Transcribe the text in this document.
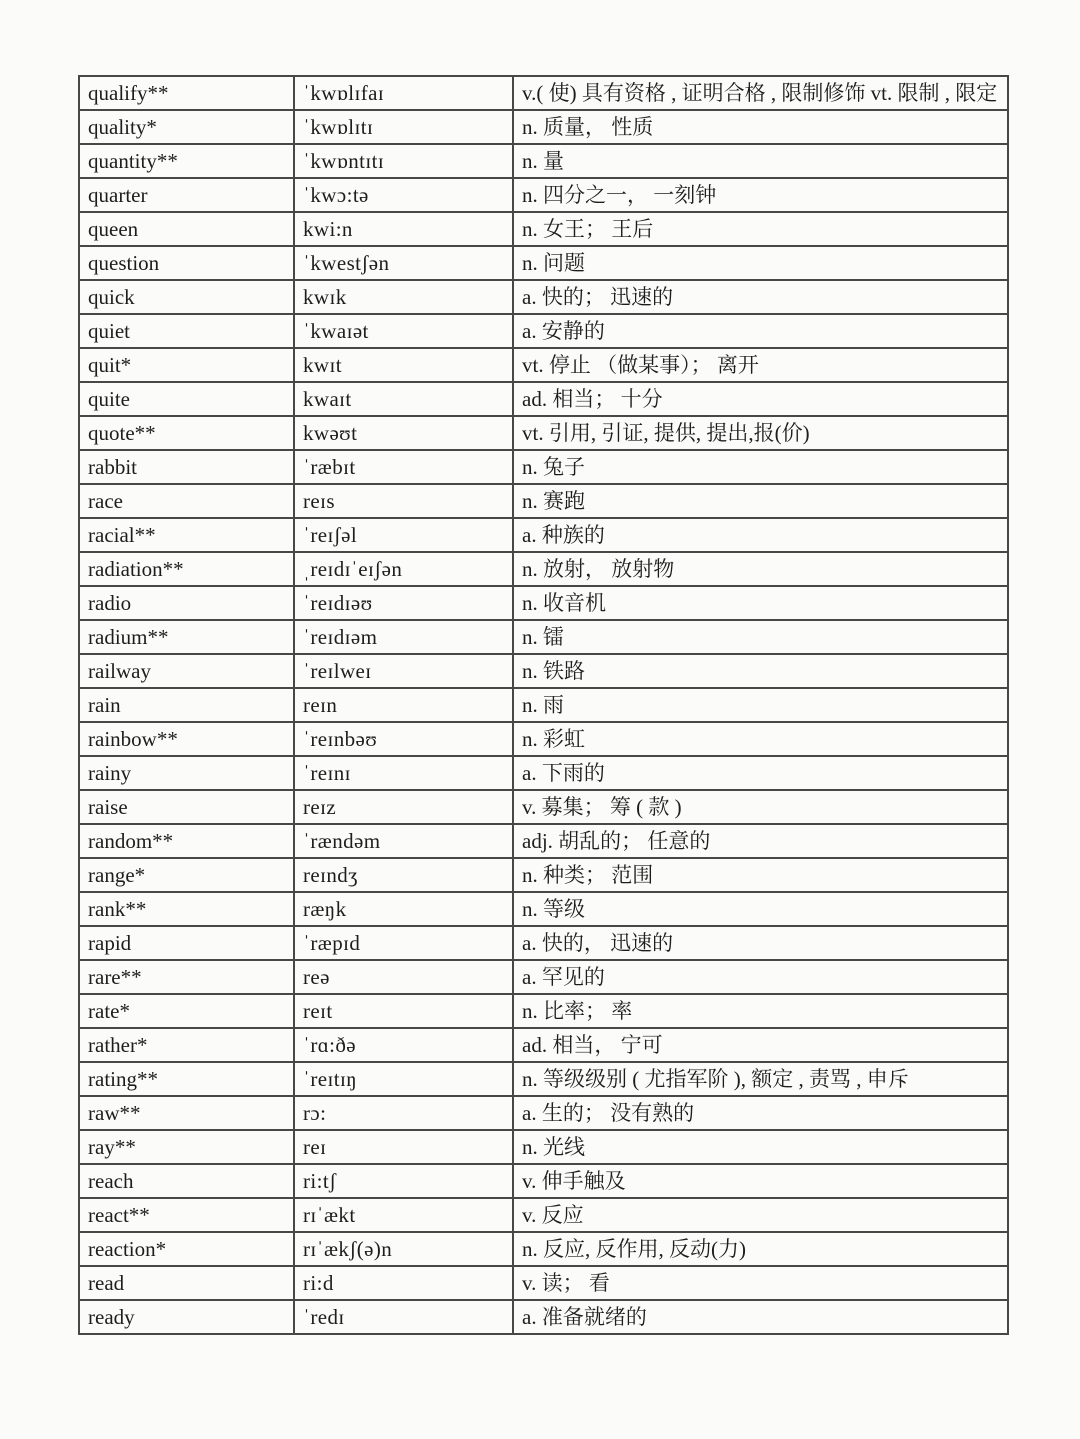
qualify**	ˈkwɒlɪfaɪ	v.( 使) 具有资格 , 证明合格 , 限制修饰 vt. 限制 , 限定
quality*	ˈkwɒlɪtɪ	n. 质量， 性质
quantity**	ˈkwɒntɪtɪ	n. 量
quarter	ˈkwɔ:tə	n. 四分之一， 一刻钟
queen	kwi:n	n. 女王； 王后
question	ˈkwestʃən	n. 问题
quick	kwɪk	a. 快的； 迅速的
quiet	ˈkwaɪət	a. 安静的
quit*	kwɪt	vt. 停止 （做某事）； 离开
quite	kwaɪt	ad. 相当； 十分
quote**	kwəʊt	vt. 引用, 引证, 提供, 提出,报(价)
rabbit	ˈræbɪt	n. 兔子
race	reɪs	n. 赛跑
racial**	ˈreɪʃəl	a. 种族的
radiation**	ˌreɪdɪˈeɪʃən	n. 放射， 放射物
radio	ˈreɪdɪəʊ	n. 收音机
radium**	ˈreɪdɪəm	n. 镭
railway	ˈreɪlweɪ	n. 铁路
rain	reɪn	n. 雨
rainbow**	ˈreɪnbəʊ	n. 彩虹
rainy	ˈreɪnɪ	a. 下雨的
raise	reɪz	v. 募集； 筹 ( 款 )
random**	ˈrændəm	adj. 胡乱的； 任意的
range*	reɪndʒ	n. 种类； 范围
rank**	ræŋk	n. 等级
rapid	ˈræpɪd	a. 快的， 迅速的
rare**	reə	a. 罕见的
rate*	reɪt	n. 比率； 率
rather*	ˈrɑ:ðə	ad. 相当， 宁可
rating**	ˈreɪtɪŋ	n. 等级级别 ( 尤指军阶 ), 额定 , 责骂 , 申斥
raw**	rɔ:	a. 生的； 没有熟的
ray**	reɪ	n. 光线
reach	ri:tʃ	v. 伸手触及
react**	rɪˈækt	v. 反应
reaction*	rɪˈækʃ(ə)n	n. 反应, 反作用, 反动(力)
read	ri:d	v. 读； 看
ready	ˈredɪ	a. 准备就绪的
